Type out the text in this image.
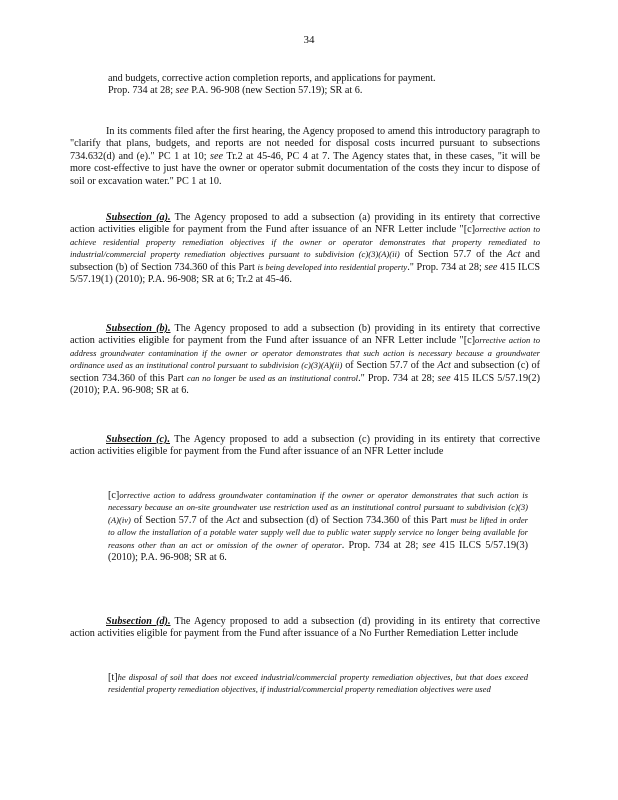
34
and budgets, corrective action completion reports, and applications for payment.
Prop. 734 at 28; see P.A. 96-908 (new Section 57.19); SR at 6.
In its comments filed after the first hearing, the Agency proposed to amend this introductory paragraph to "clarify that plans, budgets, and reports are not needed for disposal costs incurred pursuant to subsections 734.632(d) and (e)." PC 1 at 10; see Tr.2 at 45-46, PC 4 at 7. The Agency states that, in these cases, "it will be more cost-effective to just have the owner or operator submit documentation of the costs they incur to dispose of soil or excavation water." PC 1 at 10.
Subsection (a). The Agency proposed to add a subsection (a) providing in its entirety that corrective action activities eligible for payment from the Fund after issuance of an NFR Letter include "[c]orrective action to achieve residential property remediation objectives if the owner or operator demonstrates that property remediated to industrial/commercial property remediation objectives pursuant to subdivision (c)(3)(A)(ii) of Section 57.7 of the Act and subsection (b) of Section 734.360 of this Part is being developed into residential property." Prop. 734 at 28; see 415 ILCS 5/57.19(1) (2010); P.A. 96-908; SR at 6; Tr.2 at 45-46.
Subsection (b). The Agency proposed to add a subsection (b) providing in its entirety that corrective action activities eligible for payment from the Fund after issuance of an NFR Letter include "[c]orrective action to address groundwater contamination if the owner or operator demonstrates that such action is necessary because a groundwater ordinance used as an institutional control pursuant to subdivision (c)(3)(A)(ii) of Section 57.7 of the Act and subsection (c) of section 734.360 of this Part can no longer be used as an institutional control." Prop. 734 at 28; see 415 ILCS 5/57.19(2) (2010); P.A. 96-908; SR at 6.
Subsection (c). The Agency proposed to add a subsection (c) providing in its entirety that corrective action activities eligible for payment from the Fund after issuance of an NFR Letter include
[c]orrective action to address groundwater contamination if the owner or operator demonstrates that such action is necessary because an on-site groundwater use restriction used as an institutional control pursuant to subdivision (c)(3)(A)(iv) of Section 57.7 of the Act and subsection (d) of Section 734.360 of this Part must be lifted in order to allow the installation of a potable water supply well due to public water supply service no longer being available for reasons other than an act or omission of the owner of operator. Prop. 734 at 28; see 415 ILCS 5/57.19(3) (2010); P.A. 96-908; SR at 6.
Subsection (d). The Agency proposed to add a subsection (d) providing in its entirety that corrective action activities eligible for payment from the Fund after issuance of a No Further Remediation Letter include
[t]he disposal of soil that does not exceed industrial/commercial property remediation objectives, but that does exceed residential property remediation objectives, if industrial/commercial property remediation objectives were used
